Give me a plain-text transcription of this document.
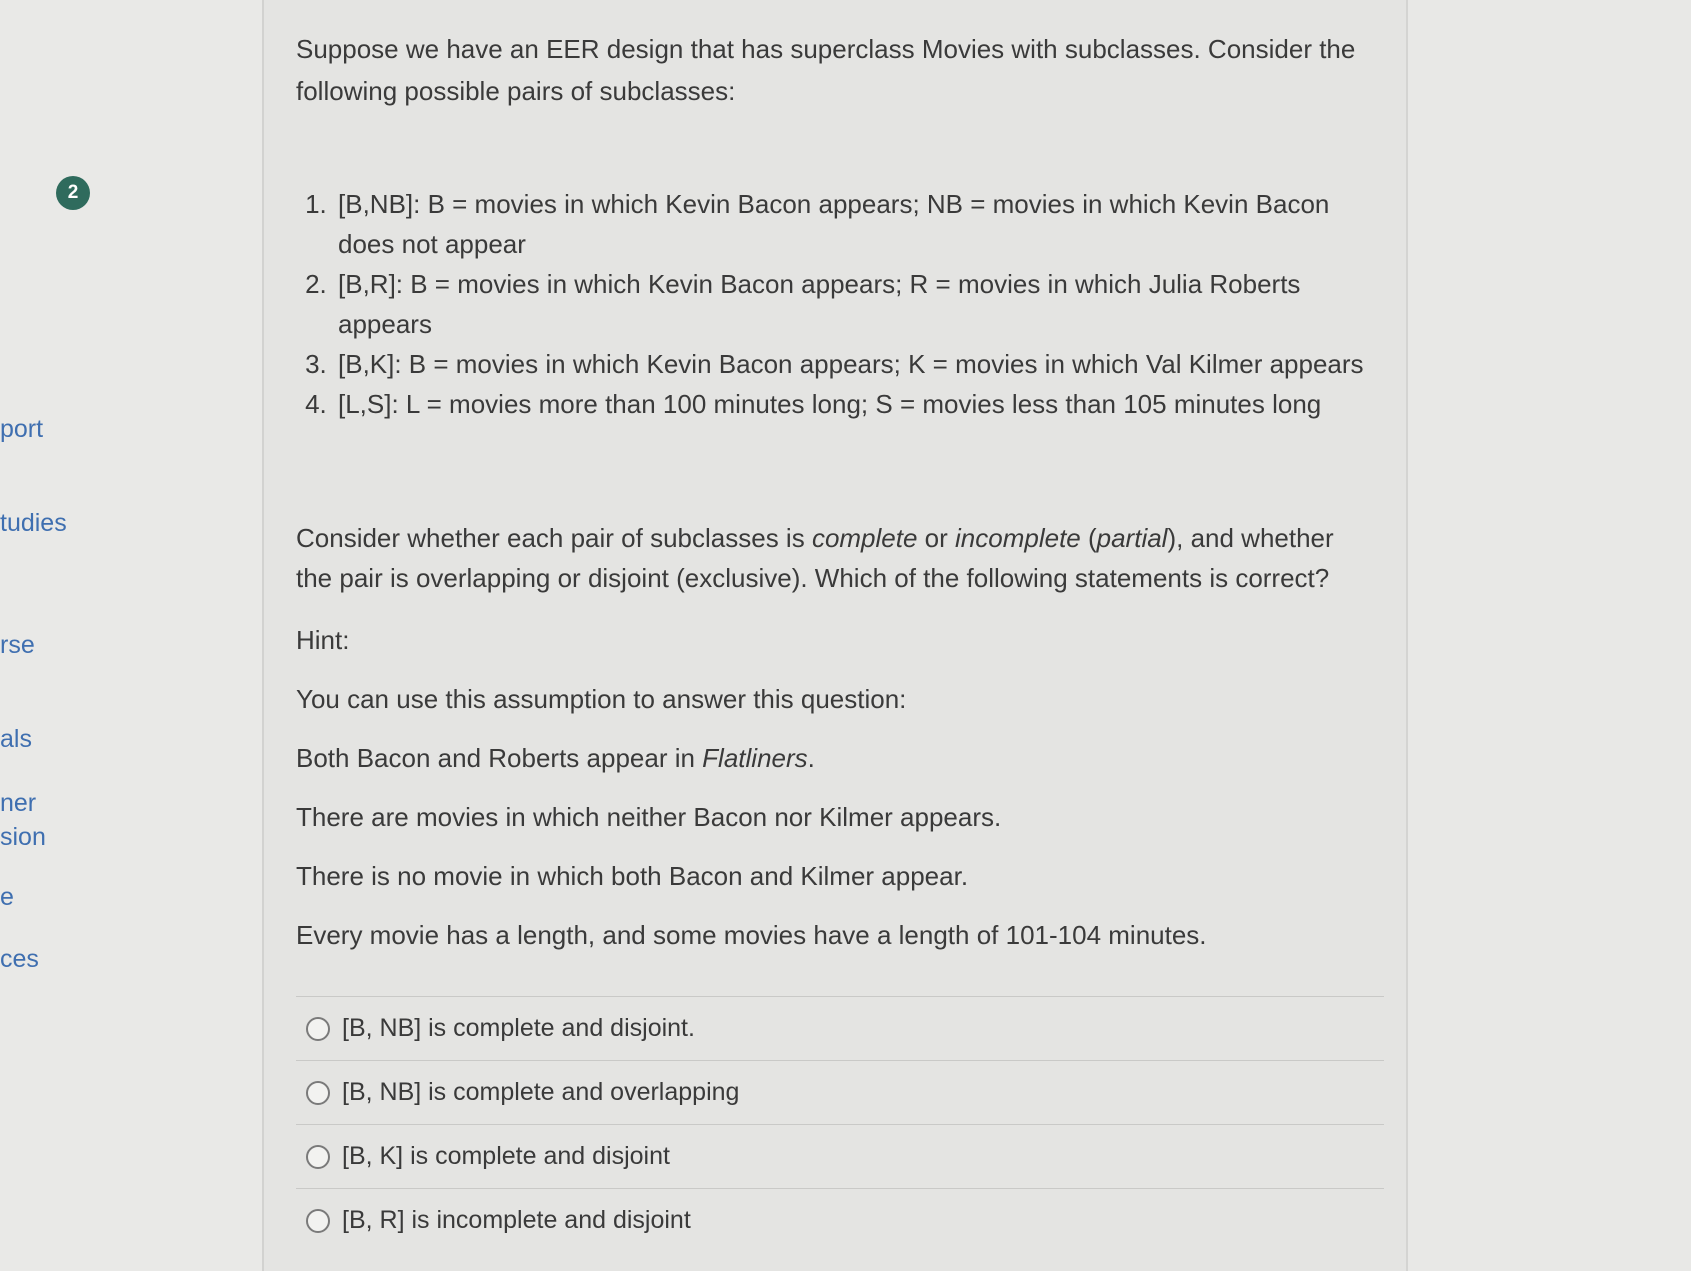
2
port
tudies
rse
als
ner
sion
e
ces

Suppose we have an EER design that has superclass Movies with subclasses. Consider the following possible pairs of subclasses:

1. [B,NB]: B = movies in which Kevin Bacon appears; NB = movies in which Kevin Bacon does not appear
2. [B,R]: B = movies in which Kevin Bacon appears; R = movies in which Julia Roberts appears
3. [B,K]: B = movies in which Kevin Bacon appears; K = movies in which Val Kilmer appears
4. [L,S]: L = movies more than 100 minutes long; S = movies less than 105 minutes long

Consider whether each pair of subclasses is complete or incomplete (partial), and whether the pair is overlapping or disjoint (exclusive). Which of the following statements is correct?

Hint:

You can use this assumption to answer this question:

Both Bacon and Roberts appear in Flatliners.

There are movies in which neither Bacon nor Kilmer appears.

There is no movie in which both Bacon and Kilmer appear.

Every movie has a length, and some movies have a length of 101-104 minutes.

[B, NB] is complete and disjoint.
[B, NB] is complete and overlapping
[B, K] is complete and disjoint
[B, R] is incomplete and disjoint
